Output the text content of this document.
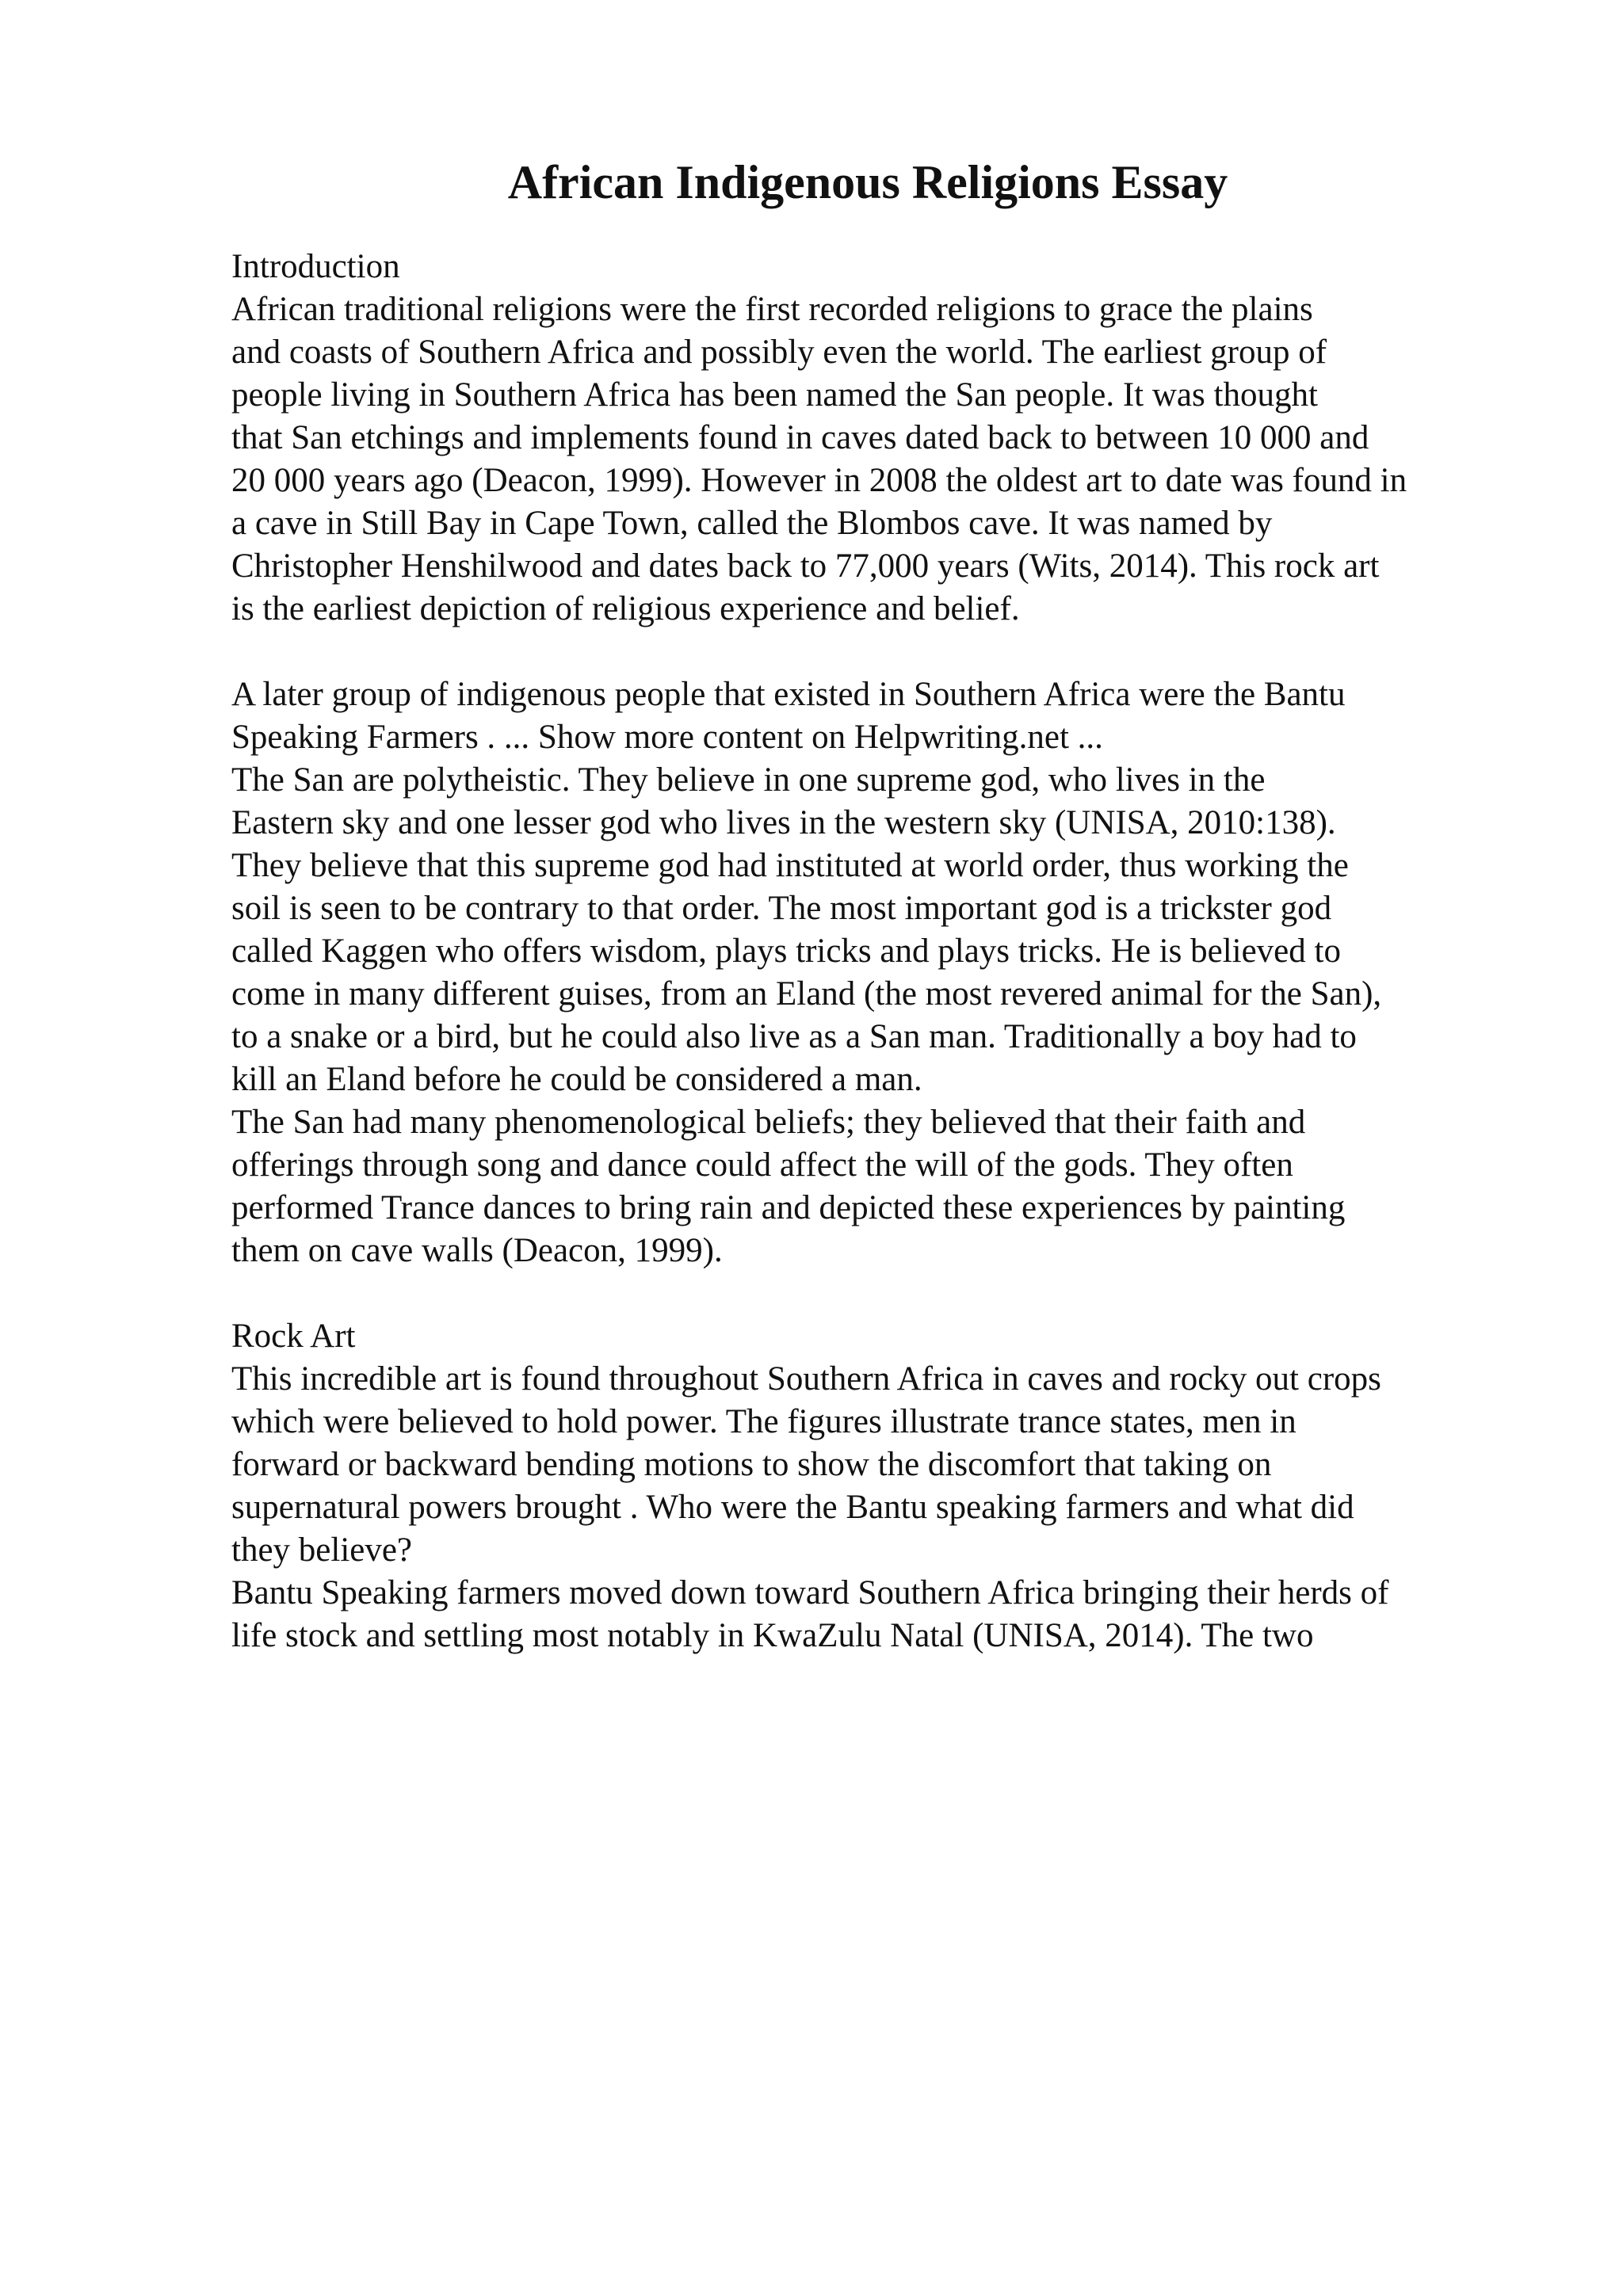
African Indigenous Religions Essay
Introduction
African traditional religions were the first recorded religions to grace the plains
and coasts of Southern Africa and possibly even the world. The earliest group of
people living in Southern Africa has been named the San people. It was thought
that San etchings and implements found in caves dated back to between 10 000 and
20 000 years ago (Deacon, 1999). However in 2008 the oldest art to date was found in
a cave in Still Bay in Cape Town, called the Blombos cave. It was named by
Christopher Henshilwood and dates back to 77,000 years (Wits, 2014). This rock art
is the earliest depiction of religious experience and belief.
A later group of indigenous people that existed in Southern Africa were the Bantu
Speaking Farmers . ... Show more content on Helpwriting.net ...
The San are polytheistic. They believe in one supreme god, who lives in the
Eastern sky and one lesser god who lives in the western sky (UNISA, 2010:138).
They believe that this supreme god had instituted at world order, thus working the
soil is seen to be contrary to that order. The most important god is a trickster god
called Kaggen who offers wisdom, plays tricks and plays tricks. He is believed to
come in many different guises, from an Eland (the most revered animal for the San),
to a snake or a bird, but he could also live as a San man. Traditionally a boy had to
kill an Eland before he could be considered a man.
The San had many phenomenological beliefs; they believed that their faith and
offerings through song and dance could affect the will of the gods. They often
performed Trance dances to bring rain and depicted these experiences by painting
them on cave walls (Deacon, 1999).
Rock Art
This incredible art is found throughout Southern Africa in caves and rocky out crops
which were believed to hold power. The figures illustrate trance states, men in
forward or backward bending motions to show the discomfort that taking on
supernatural powers brought . Who were the Bantu speaking farmers and what did
they believe?
Bantu Speaking farmers moved down toward Southern Africa bringing their herds of
life stock and settling most notably in KwaZulu Natal (UNISA, 2014). The two
